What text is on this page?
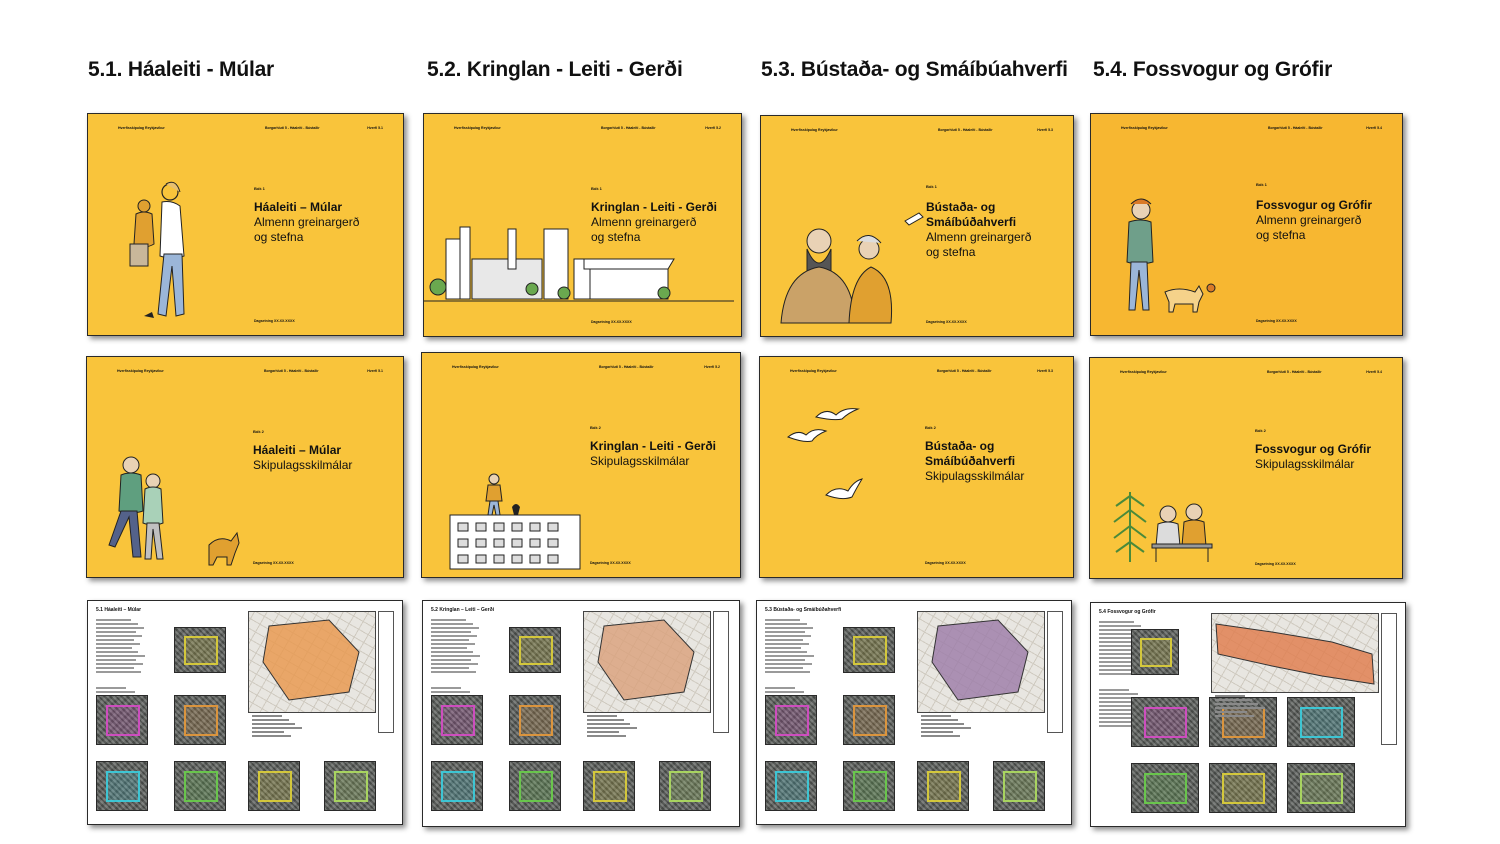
5.1. Háaleiti - Múlar	5.2. Kringlan - Leiti - Gerði	5.3. Bústaða- og Smáíbúahverfi 5.4. Fossvogur og Grófir
Hverfisskipulag Reykjavíkur	Borgarhluti 5 - Háaleiti - Bústaðir	Hverfi 5.1
Bók 1
Háaleiti – Múlar
Almenn greinargerð
og stefna
Dagsetning XX.XX.XXXX
Hverfisskipulag Reykjavíkur	Borgarhluti 5 - Háaleiti - Bústaðir	Hverfi 5.2
Bók 1
Kringlan - Leiti - Gerði
Almenn greinargerð
og stefna
Dagsetning XX.XX.XXXX
Hverfisskipulag Reykjavíkur	Borgarhluti 5 - Háaleiti - Bústaðir	Hverfi 5.3
Bók 1
Bústaða- og
Smáíbúðahverfi
Almenn greinargerð
og stefna
Dagsetning XX.XX.XXXX
Hverfisskipulag Reykjavíkur	Borgarhluti 5 - Háaleiti - Bústaðir	Hverfi 5.4
Bók 1
Fossvogur og Grófir
Almenn greinargerð
og stefna
Dagsetning XX.XX.XXXX
Hverfisskipulag Reykjavíkur	Borgarhluti 5 - Háaleiti - Bústaðir	Hverfi 5.1
Bók 2
Háaleiti – Múlar
Skipulagsskilmálar
Dagsetning XX.XX.XXXX
Hverfisskipulag Reykjavíkur	Borgarhluti 5 - Háaleiti - Bústaðir	Hverfi 5.2
Bók 2
Kringlan - Leiti - Gerði
Skipulagsskilmálar
Dagsetning XX.XX.XXXX
Hverfisskipulag Reykjavíkur	Borgarhluti 5 - Háaleiti - Bústaðir	Hverfi 5.3
Bók 2
Bústaða- og
Smáíbúðahverfi
Skipulagsskilmálar
Dagsetning XX.XX.XXXX
Hverfisskipulag Reykjavíkur	Borgarhluti 5 - Háaleiti - Bústaðir	Hverfi 5.4
Bók 2
Fossvogur og Grófir
Skipulagsskilmálar
Dagsetning XX.XX.XXXX
5.1 Háaleiti – Múlar	5.2 Kringlan – Leiti – Gerði	5.3 Bústaða- og Smáíbúðahverfi	5.4 Fossvogur og Grófir
